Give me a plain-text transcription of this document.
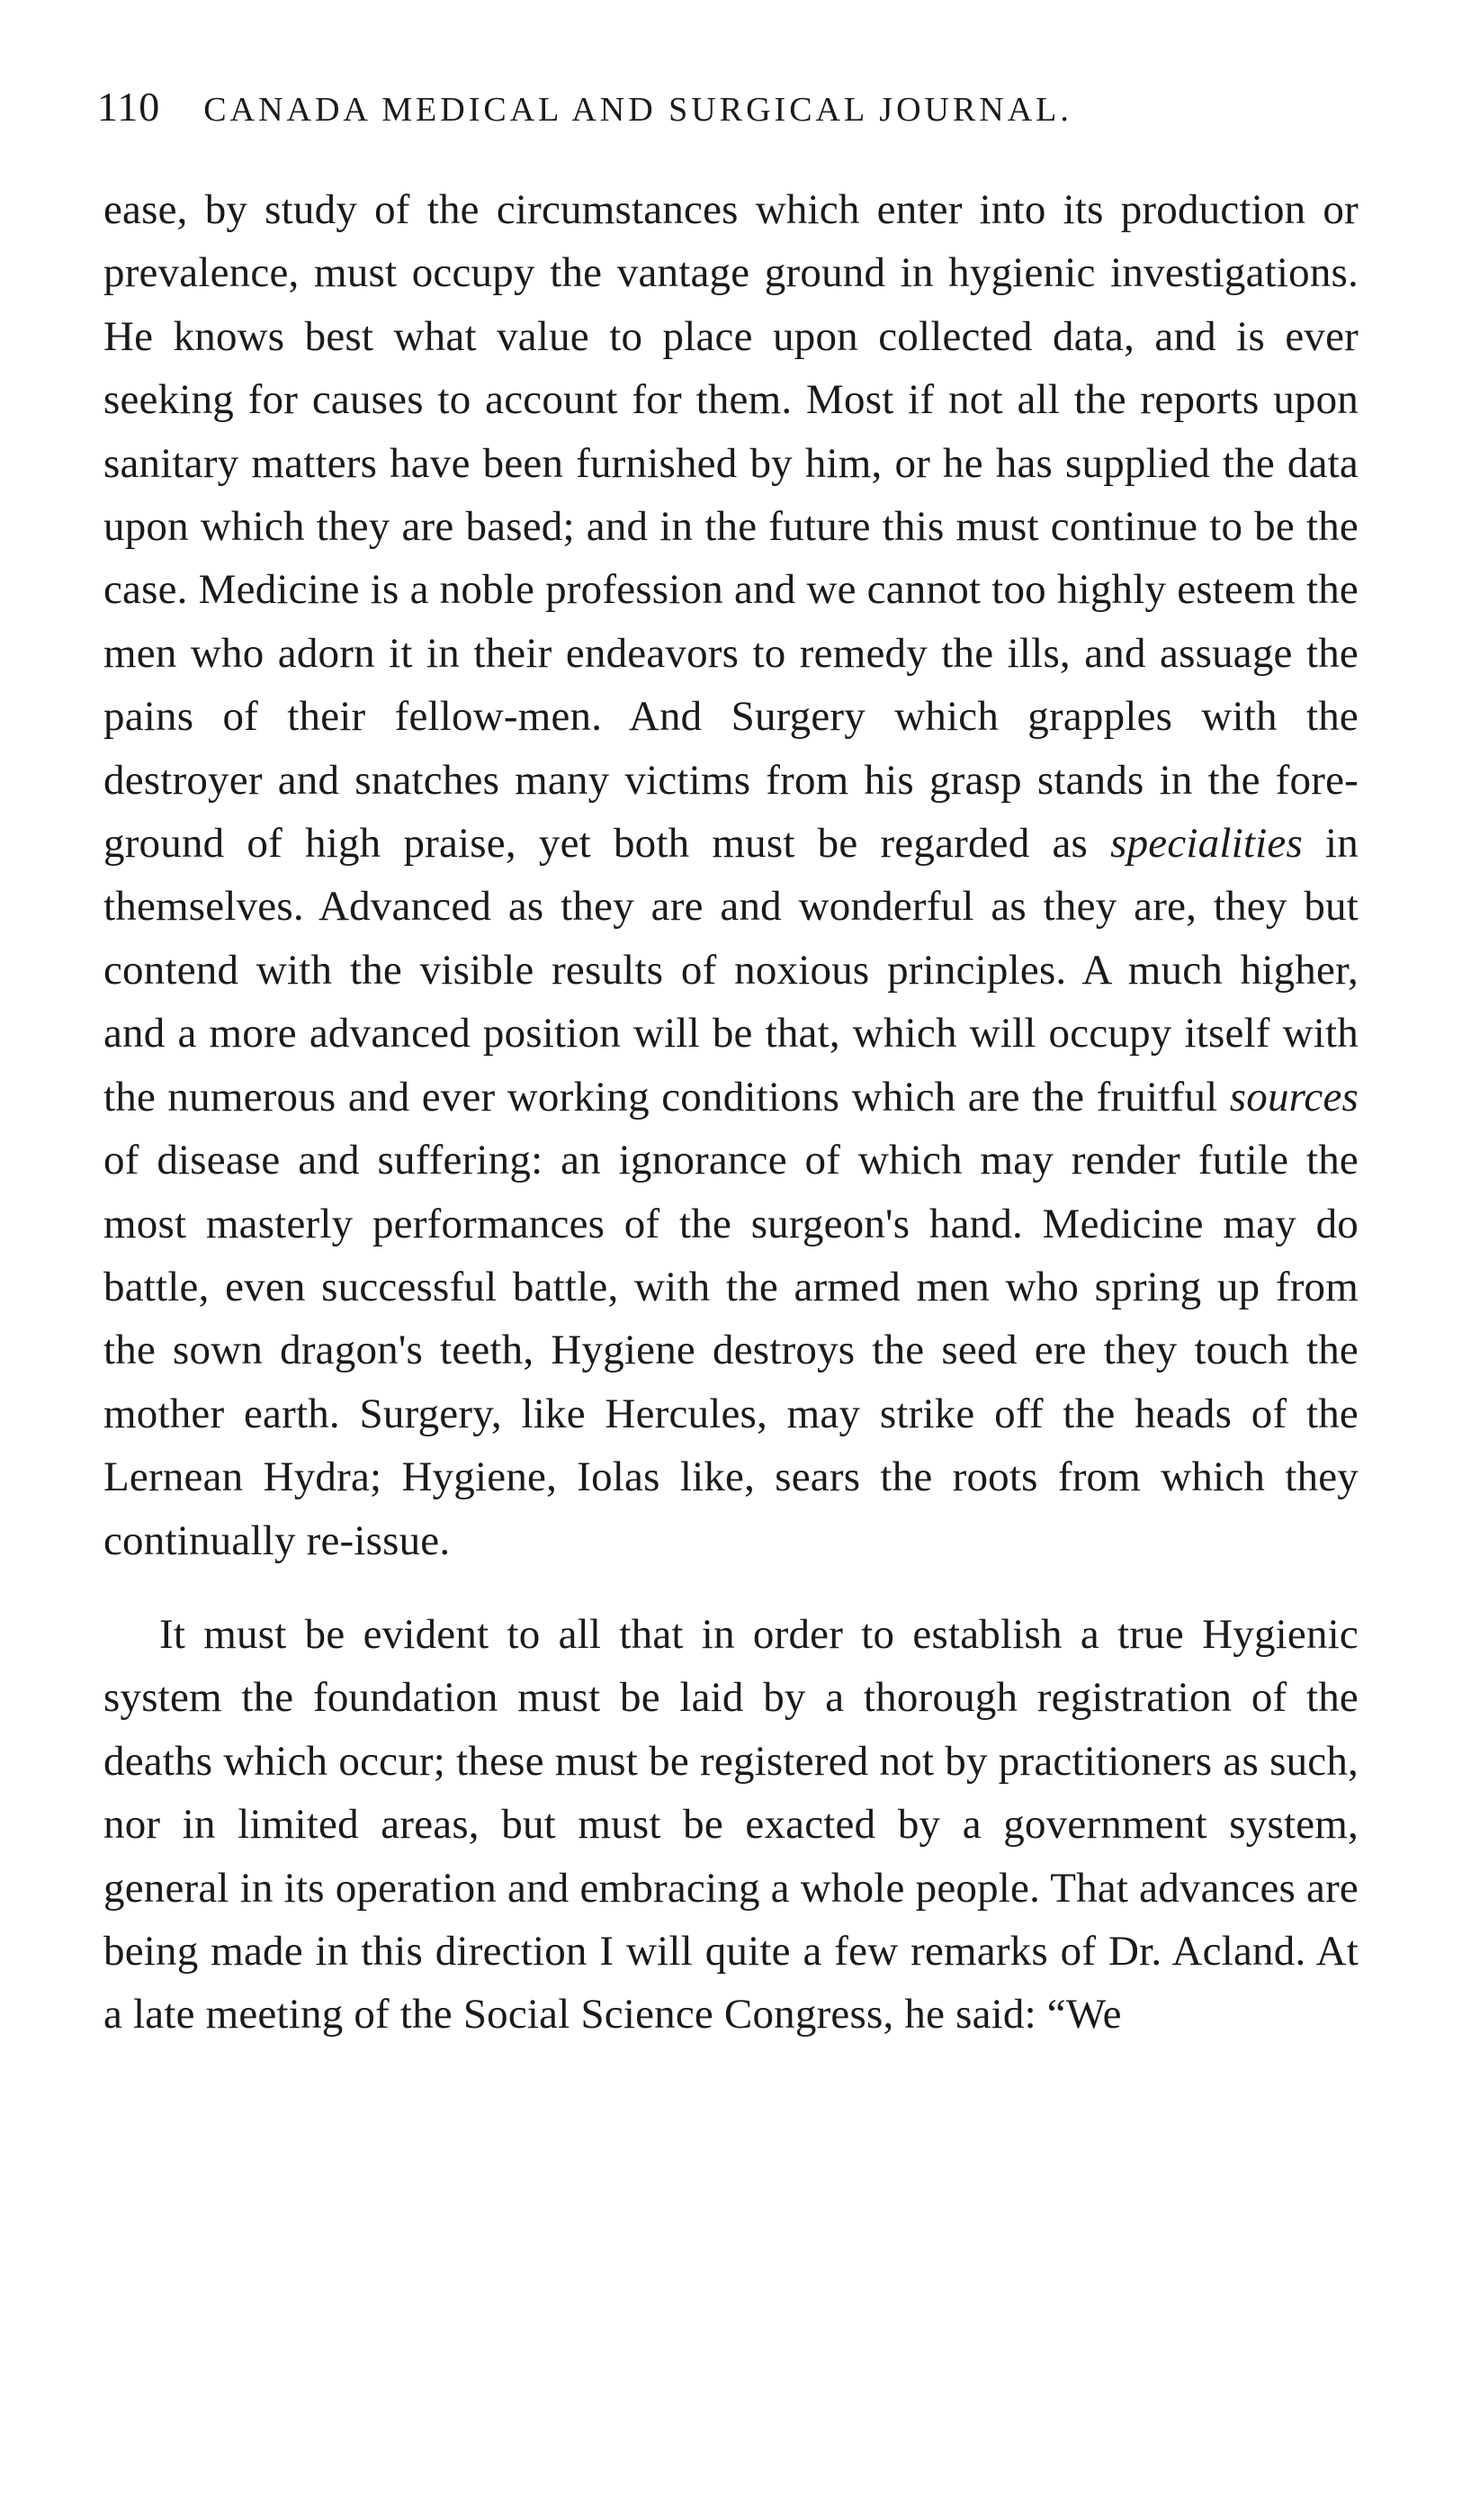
110 CANADA MEDICAL AND SURGICAL JOURNAL.

ease, by study of the circumstances which enter into its production or prevalence, must occupy the vantage ground in hygienic investigations. He knows best what value to place upon collected data, and is ever seeking for causes to account for them. Most if not all the reports upon sanitary matters have been furnished by him, or he has supplied the data upon which they are based; and in the future this must continue to be the case. Medicine is a noble profession and we cannot too highly esteem the men who adorn it in their endeavors to remedy the ills, and assuage the pains of their fellow-men. And Surgery which grapples with the destroyer and snatches many victims from his grasp stands in the fore-ground of high praise, yet both must be regarded as specialities in themselves. Advanced as they are and wonderful as they are, they but contend with the visible results of noxious principles. A much higher, and a more advanced position will be that, which will occupy itself with the numerous and ever working conditions which are the fruitful sources of disease and suffering: an ignorance of which may render futile the most masterly performances of the surgeon's hand. Medicine may do battle, even successful battle, with the armed men who spring up from the sown dragon's teeth, Hygiene destroys the seed ere they touch the mother earth. Surgery, like Hercules, may strike off the heads of the Lernean Hydra; Hygiene, Iolas like, sears the roots from which they continually re-issue.

It must be evident to all that in order to establish a true Hygienic system the foundation must be laid by a thorough registration of the deaths which occur; these must be registered not by practitioners as such, nor in limited areas, but must be exacted by a government system, general in its operation and embracing a whole people. That advances are being made in this direction I will quite a few remarks of Dr. Acland. At a late meeting of the Social Science Congress, he said: “We
